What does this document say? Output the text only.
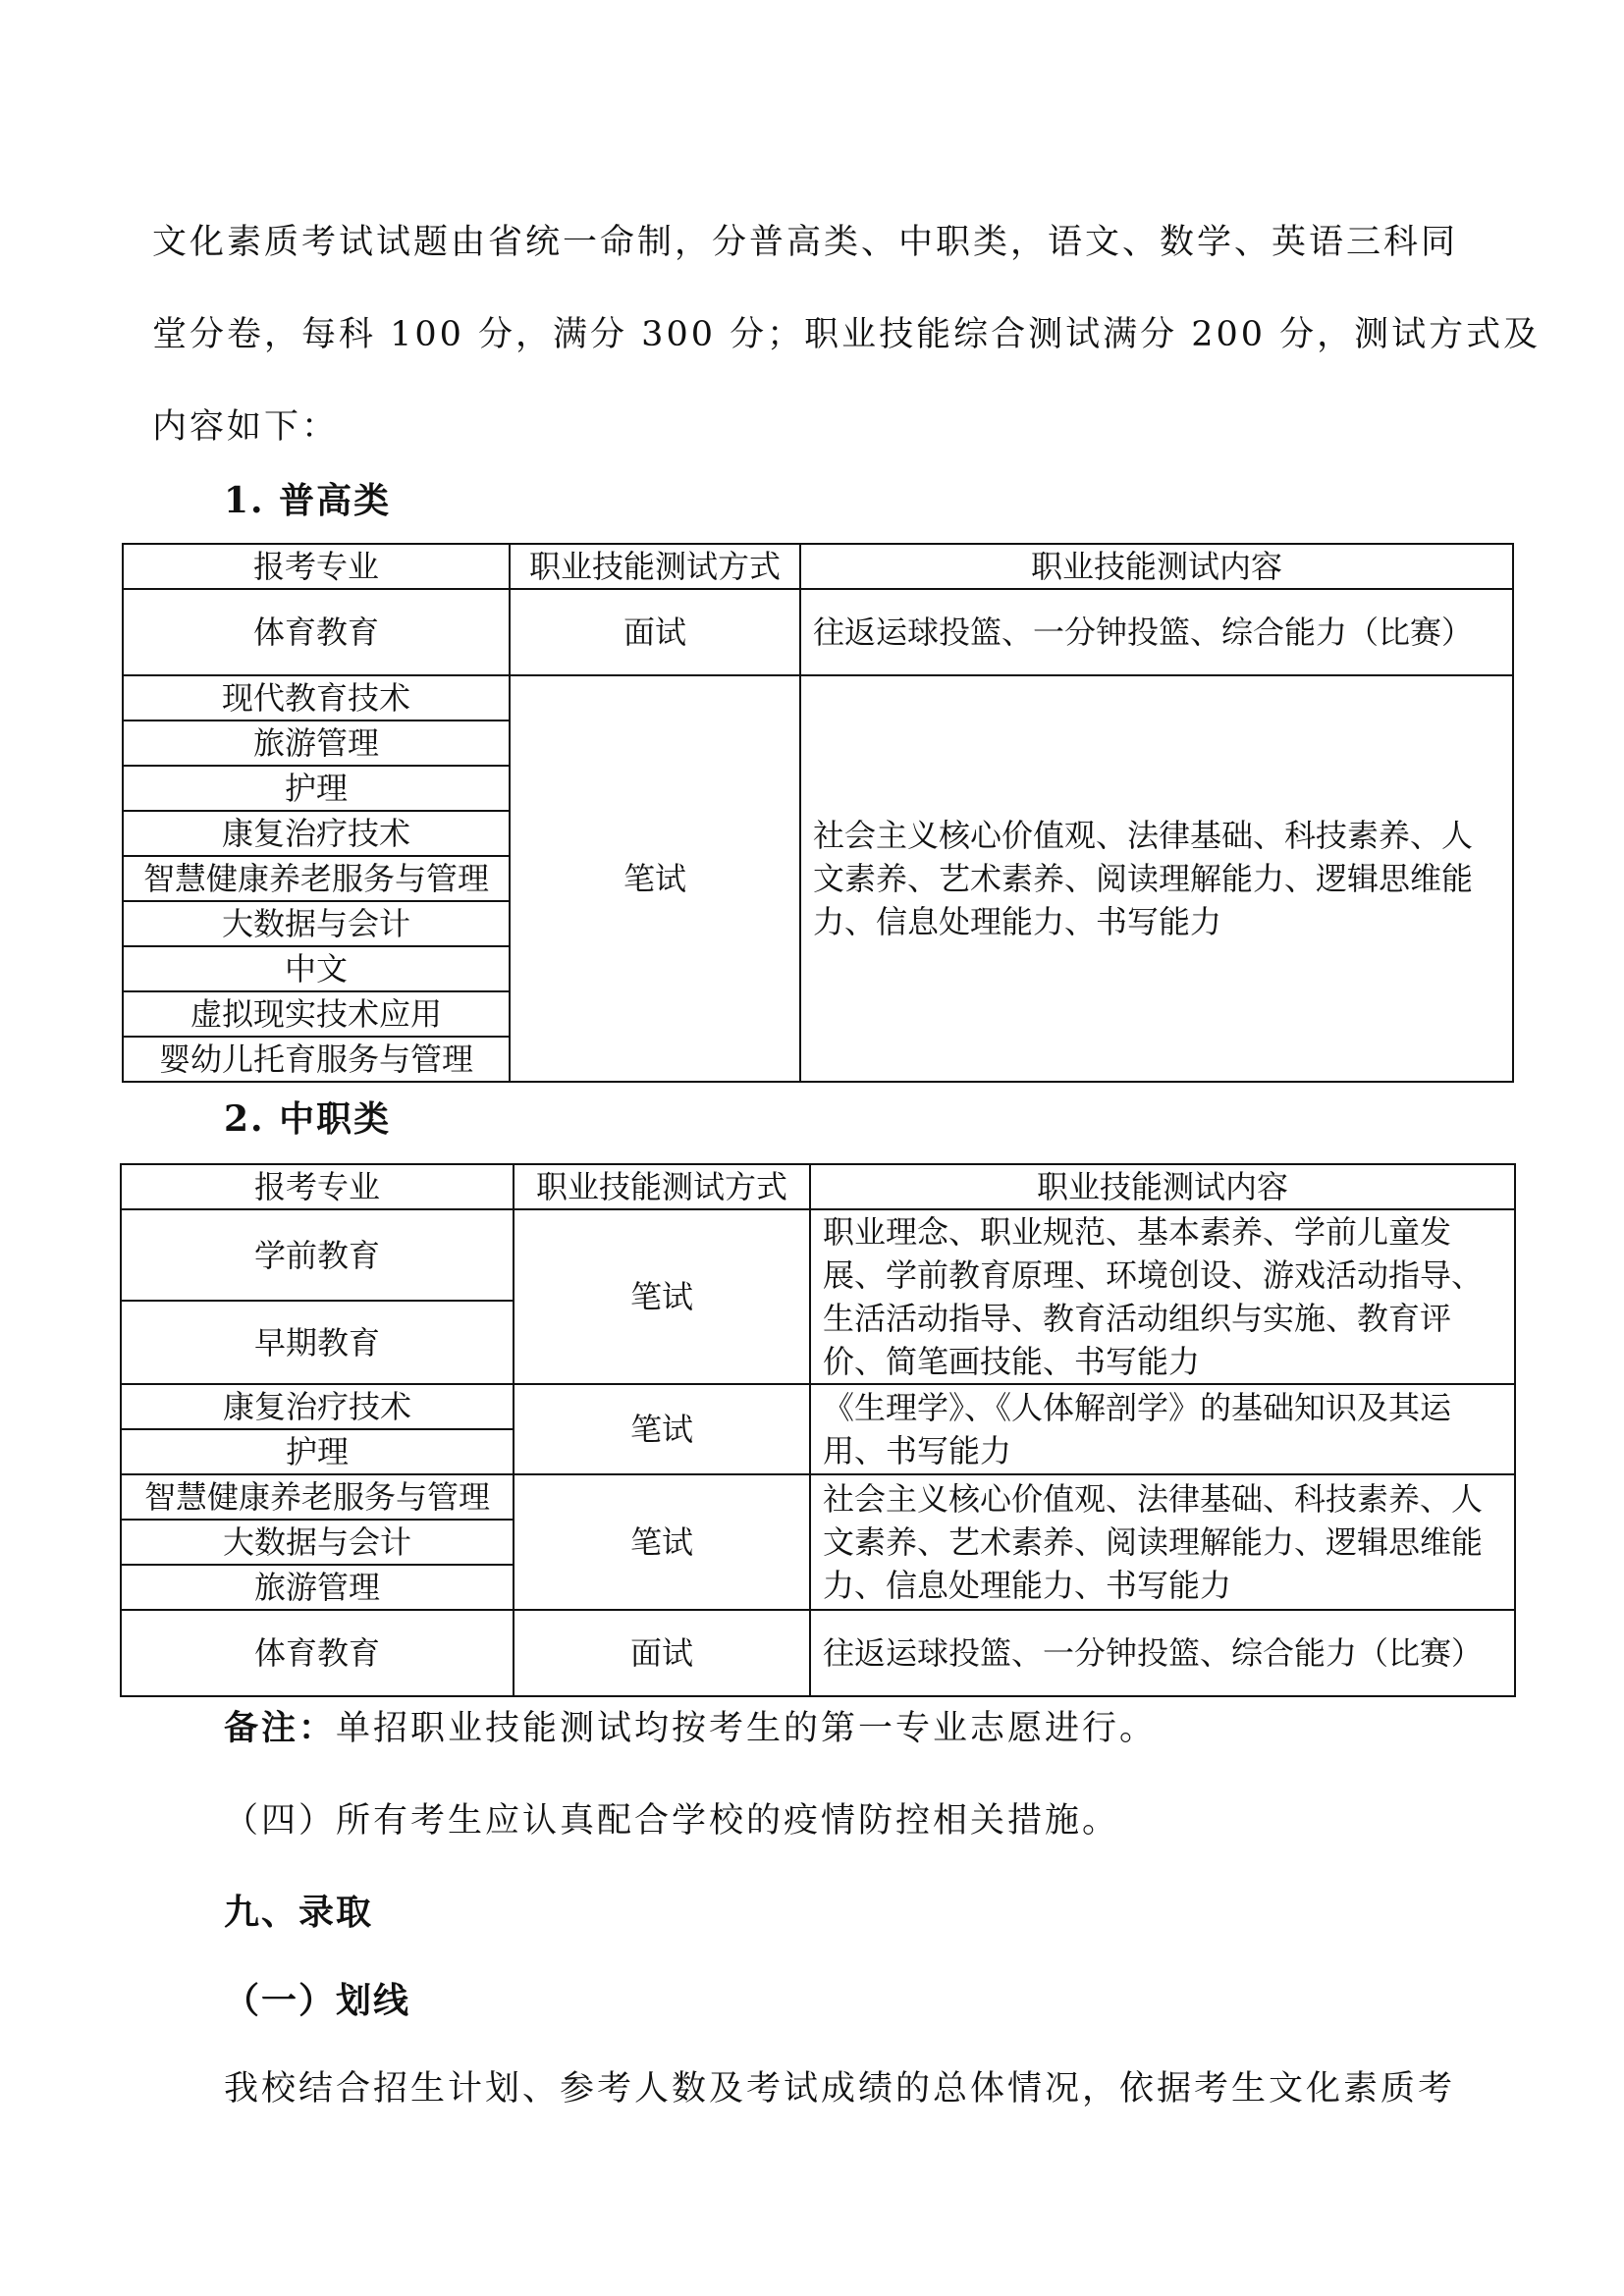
文化素质考试试题由省统一命制，分普高类、中职类，语文、数学、英语三科同
堂分卷，每科 100 分，满分 300 分；职业技能综合测试满分 200 分，测试方式及
内容如下：
1. 普高类
报考专业	职业技能测试方式	职业技能测试内容
体育教育	面试	往返运球投篮、一分钟投篮、综合能力（比赛）
现代教育技术	笔试	社会主义核心价值观、法律基础、科技素养、人文素养、艺术素养、阅读理解能力、逻辑思维能力、信息处理能力、书写能力
旅游管理		
护理		
康复治疗技术		
智慧健康养老服务与管理		
大数据与会计		
中文		
虚拟现实技术应用		
婴幼儿托育服务与管理		
2. 中职类
报考专业	职业技能测试方式	职业技能测试内容
学前教育	笔试	职业理念、职业规范、基本素养、学前儿童发展、学前教育原理、环境创设、游戏活动指导、生活活动指导、教育活动组织与实施、教育评价、简笔画技能、书写能力
早期教育		
康复治疗技术	笔试	《生理学》、《人体解剖学》的基础知识及其运用、书写能力
护理		
智慧健康养老服务与管理	笔试	社会主义核心价值观、法律基础、科技素养、人文素养、艺术素养、阅读理解能力、逻辑思维能力、信息处理能力、书写能力
大数据与会计		
旅游管理		
体育教育	面试	往返运球投篮、一分钟投篮、综合能力（比赛）
备注：单招职业技能测试均按考生的第一专业志愿进行。
（四）所有考生应认真配合学校的疫情防控相关措施。
九、录取
（一）划线
我校结合招生计划、参考人数及考试成绩的总体情况，依据考生文化素质考
